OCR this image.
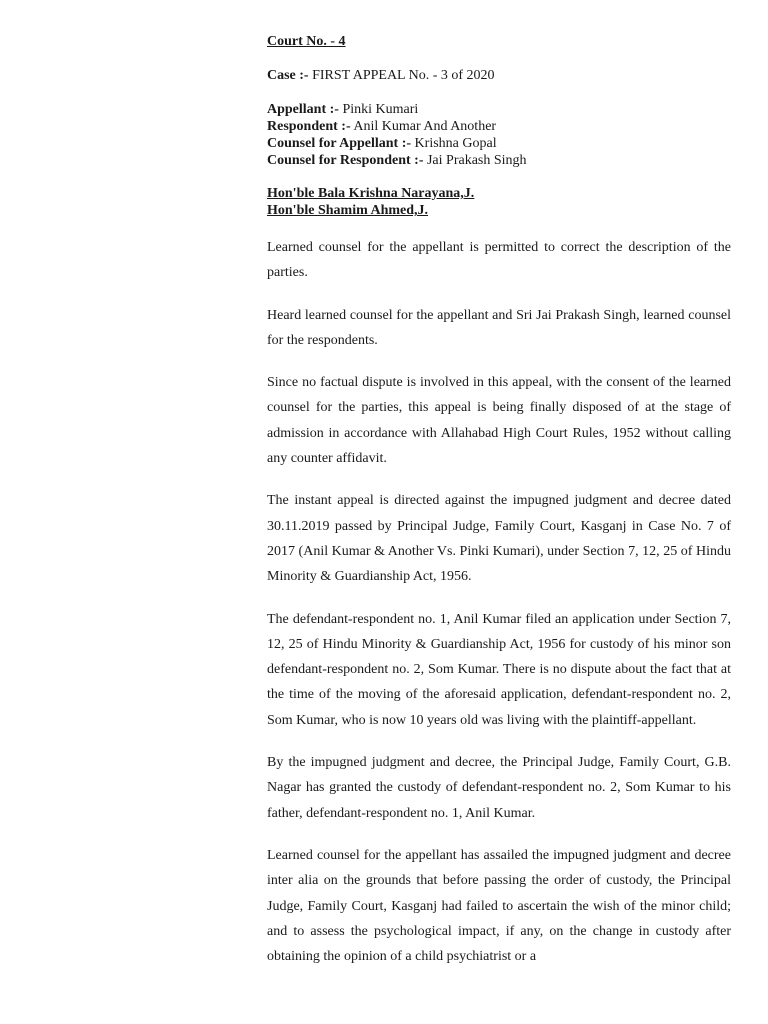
Court No. - 4
Case :- FIRST APPEAL No. - 3 of 2020
Appellant :- Pinki Kumari
Respondent :- Anil Kumar And Another
Counsel for Appellant :- Krishna Gopal
Counsel for Respondent :- Jai Prakash Singh
Hon'ble Bala Krishna Narayana,J.
Hon'ble Shamim Ahmed,J.

Learned counsel for the appellant is permitted to correct the description of the parties.

Heard learned counsel for the appellant and Sri Jai Prakash Singh, learned counsel for the respondents.

Since no factual dispute is involved in this appeal, with the consent of the learned counsel for the parties, this appeal is being finally disposed of at the stage of admission in accordance with Allahabad High Court Rules, 1952 without calling any counter affidavit.

The instant appeal is directed against the impugned judgment and decree dated 30.11.2019 passed by Principal Judge, Family Court, Kasganj in Case No. 7 of 2017 (Anil Kumar & Another Vs. Pinki Kumari), under Section 7, 12, 25 of Hindu Minority & Guardianship Act, 1956.

The defendant-respondent no. 1, Anil Kumar filed an application under Section 7, 12, 25 of Hindu Minority & Guardianship Act, 1956 for custody of his minor son defendant-respondent no. 2, Som Kumar. There is no dispute about the fact that at the time of the moving of the aforesaid application, defendant-respondent no. 2, Som Kumar, who is now 10 years old was living with the plaintiff-appellant.

By the impugned judgment and decree, the Principal Judge, Family Court, G.B. Nagar has granted the custody of defendant-respondent no. 2, Som Kumar to his father, defendant-respondent no. 1, Anil Kumar.

Learned counsel for the appellant has assailed the impugned judgment and decree inter alia on the grounds that before passing the order of custody, the Principal Judge, Family Court, Kasganj had failed to ascertain the wish of the minor child; and to assess the psychological impact, if any, on the change in custody after obtaining the opinion of a child psychiatrist or a
